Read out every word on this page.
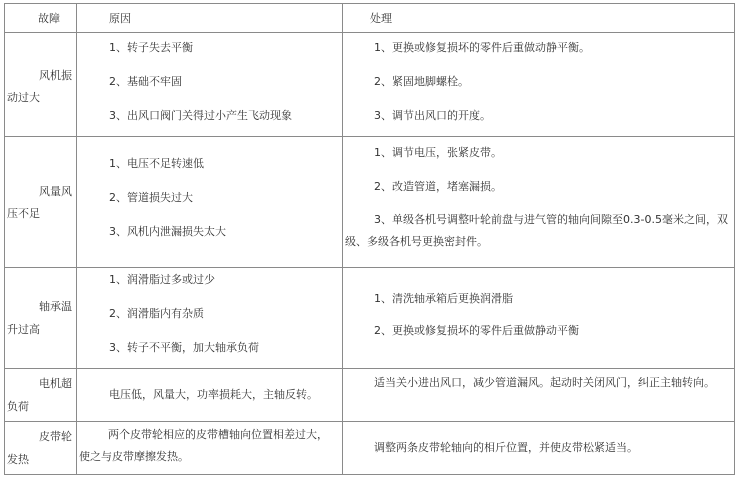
故障	原因	处理
风机振
动过大
1、转子失去平衡
2、基础不牢固
3、出风口阀门关得过小产生飞动现象
1、更换或修复损坏的零件后重做动静平衡。
2、紧固地脚螺栓。
3、调节出风口的开度。
风量风
压不足
1、电压不足转速低
2、管道损失过大
3、风机内泄漏损失太大
1、调节电压，张紧皮带。
2、改造管道，堵塞漏损。
3、单级各机号调整叶轮前盘与进气管的轴向间隙至0.3-0.5毫米之间，双级、多级各机号更换密封件。
轴承温
升过高
1、润滑脂过多或过少
2、润滑脂内有杂质
3、转子不平衡，加大轴承负荷
1、清洗轴承箱后更换润滑脂
2、更换或修复损坏的零件后重做静动平衡
电机超
负荷
电压低，风量大，功率损耗大，主轴反转。
适当关小进出风口，减少管道漏风。起动时关闭风门，纠正主轴转向。
皮带轮
发热
两个皮带轮相应的皮带槽轴向位置相差过大，使之与皮带摩擦发热。
调整两条皮带轮轴向的相斤位置，并使皮带松紧适当。
